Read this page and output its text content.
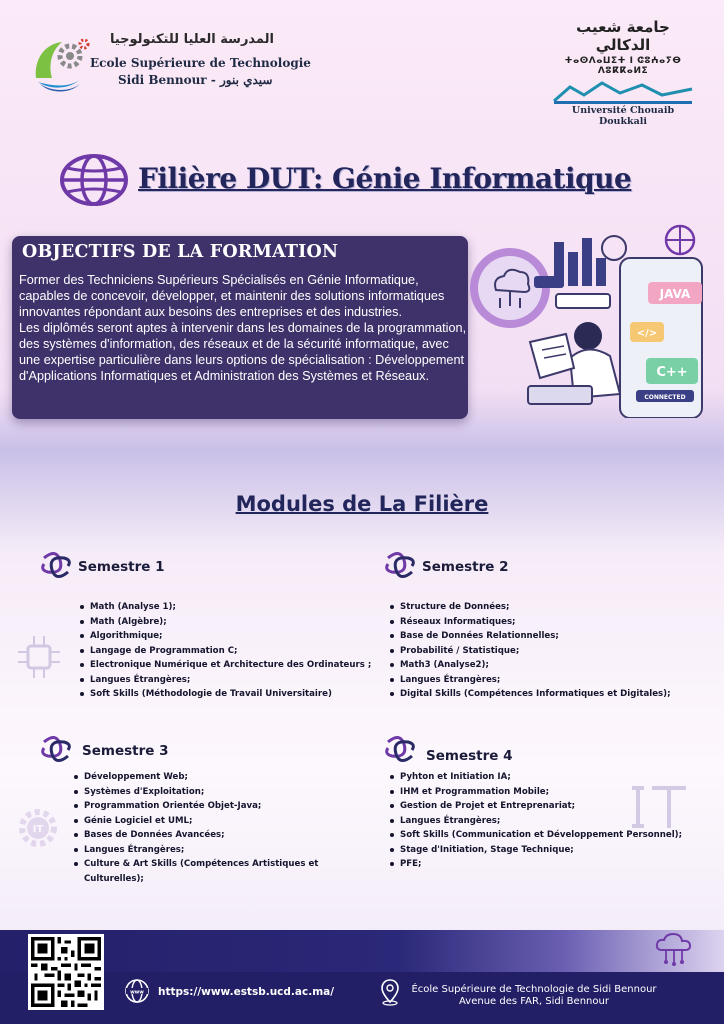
المدرسة العليا للتكنولوجيا
Ecole Supérieure de Technologie
Sidi Bennour - سيدي بنور
جامعة شعيب الدكالي
ⵜⴰⵙⴷⴰⵡⵉⵜ ⵏ ⵛⵓⵄⴰⵢⴱ ⴷⵓⴽⴽⴰⵍⵉ
Université Chouaib Doukkali
Filière DUT: Génie Informatique
OBJECTIFS DE LA FORMATION

Former des Techniciens Supérieurs Spécialisés en Génie Informatique, capables de concevoir, développer, et maintenir des solutions informatiques innovantes répondant aux besoins des entreprises et des industries.

Les diplômés seront aptes à intervenir dans les domaines de la programmation, des systèmes d'information, des réseaux et de la sécurité informatique, avec une expertise particulière dans leurs options de spécialisation : Développement d'Applications Informatiques et Administration des Systèmes et Réseaux.

JAVA
</>
C++
CONNECTED
Modules de La Filière
IT
Semestre 1
Math (Analyse 1);
Math (Algèbre);
Algorithmique;
Langage de Programmation C;
Electronique Numérique et Architecture des Ordinateurs ;
Langues Étrangères;
Soft Skills (Méthodologie de Travail Universitaire)
Semestre 2
Structure de Données;
Réseaux Informatiques;
Base de Données Relationnelles;
Probabilité / Statistique;
Math3 (Analyse2);
Langues Étrangères;
Digital Skills (Compétences Informatiques et Digitales);
Semestre 3
Développement Web;
Systèmes d'Exploitation;
Programmation Orientée Objet-Java;
Génie Logiciel et UML;
Bases de Données Avancées;
Langues Étrangères;
Culture & Art Skills (Compétences Artistiques et Culturelles);
Semestre 4
Pyhton et Initiation IA;
IHM et Programmation Mobile;
Gestion de Projet et Entreprenariat;
Langues Étrangères;
Soft Skills (Communication et Développement Personnel);
Stage d'Initiation, Stage Technique;
PFE;
www https://www.estsb.ucd.ac.ma/	École Supérieure de Technologie de Sidi Bennour
Avenue des FAR, Sidi Bennour
